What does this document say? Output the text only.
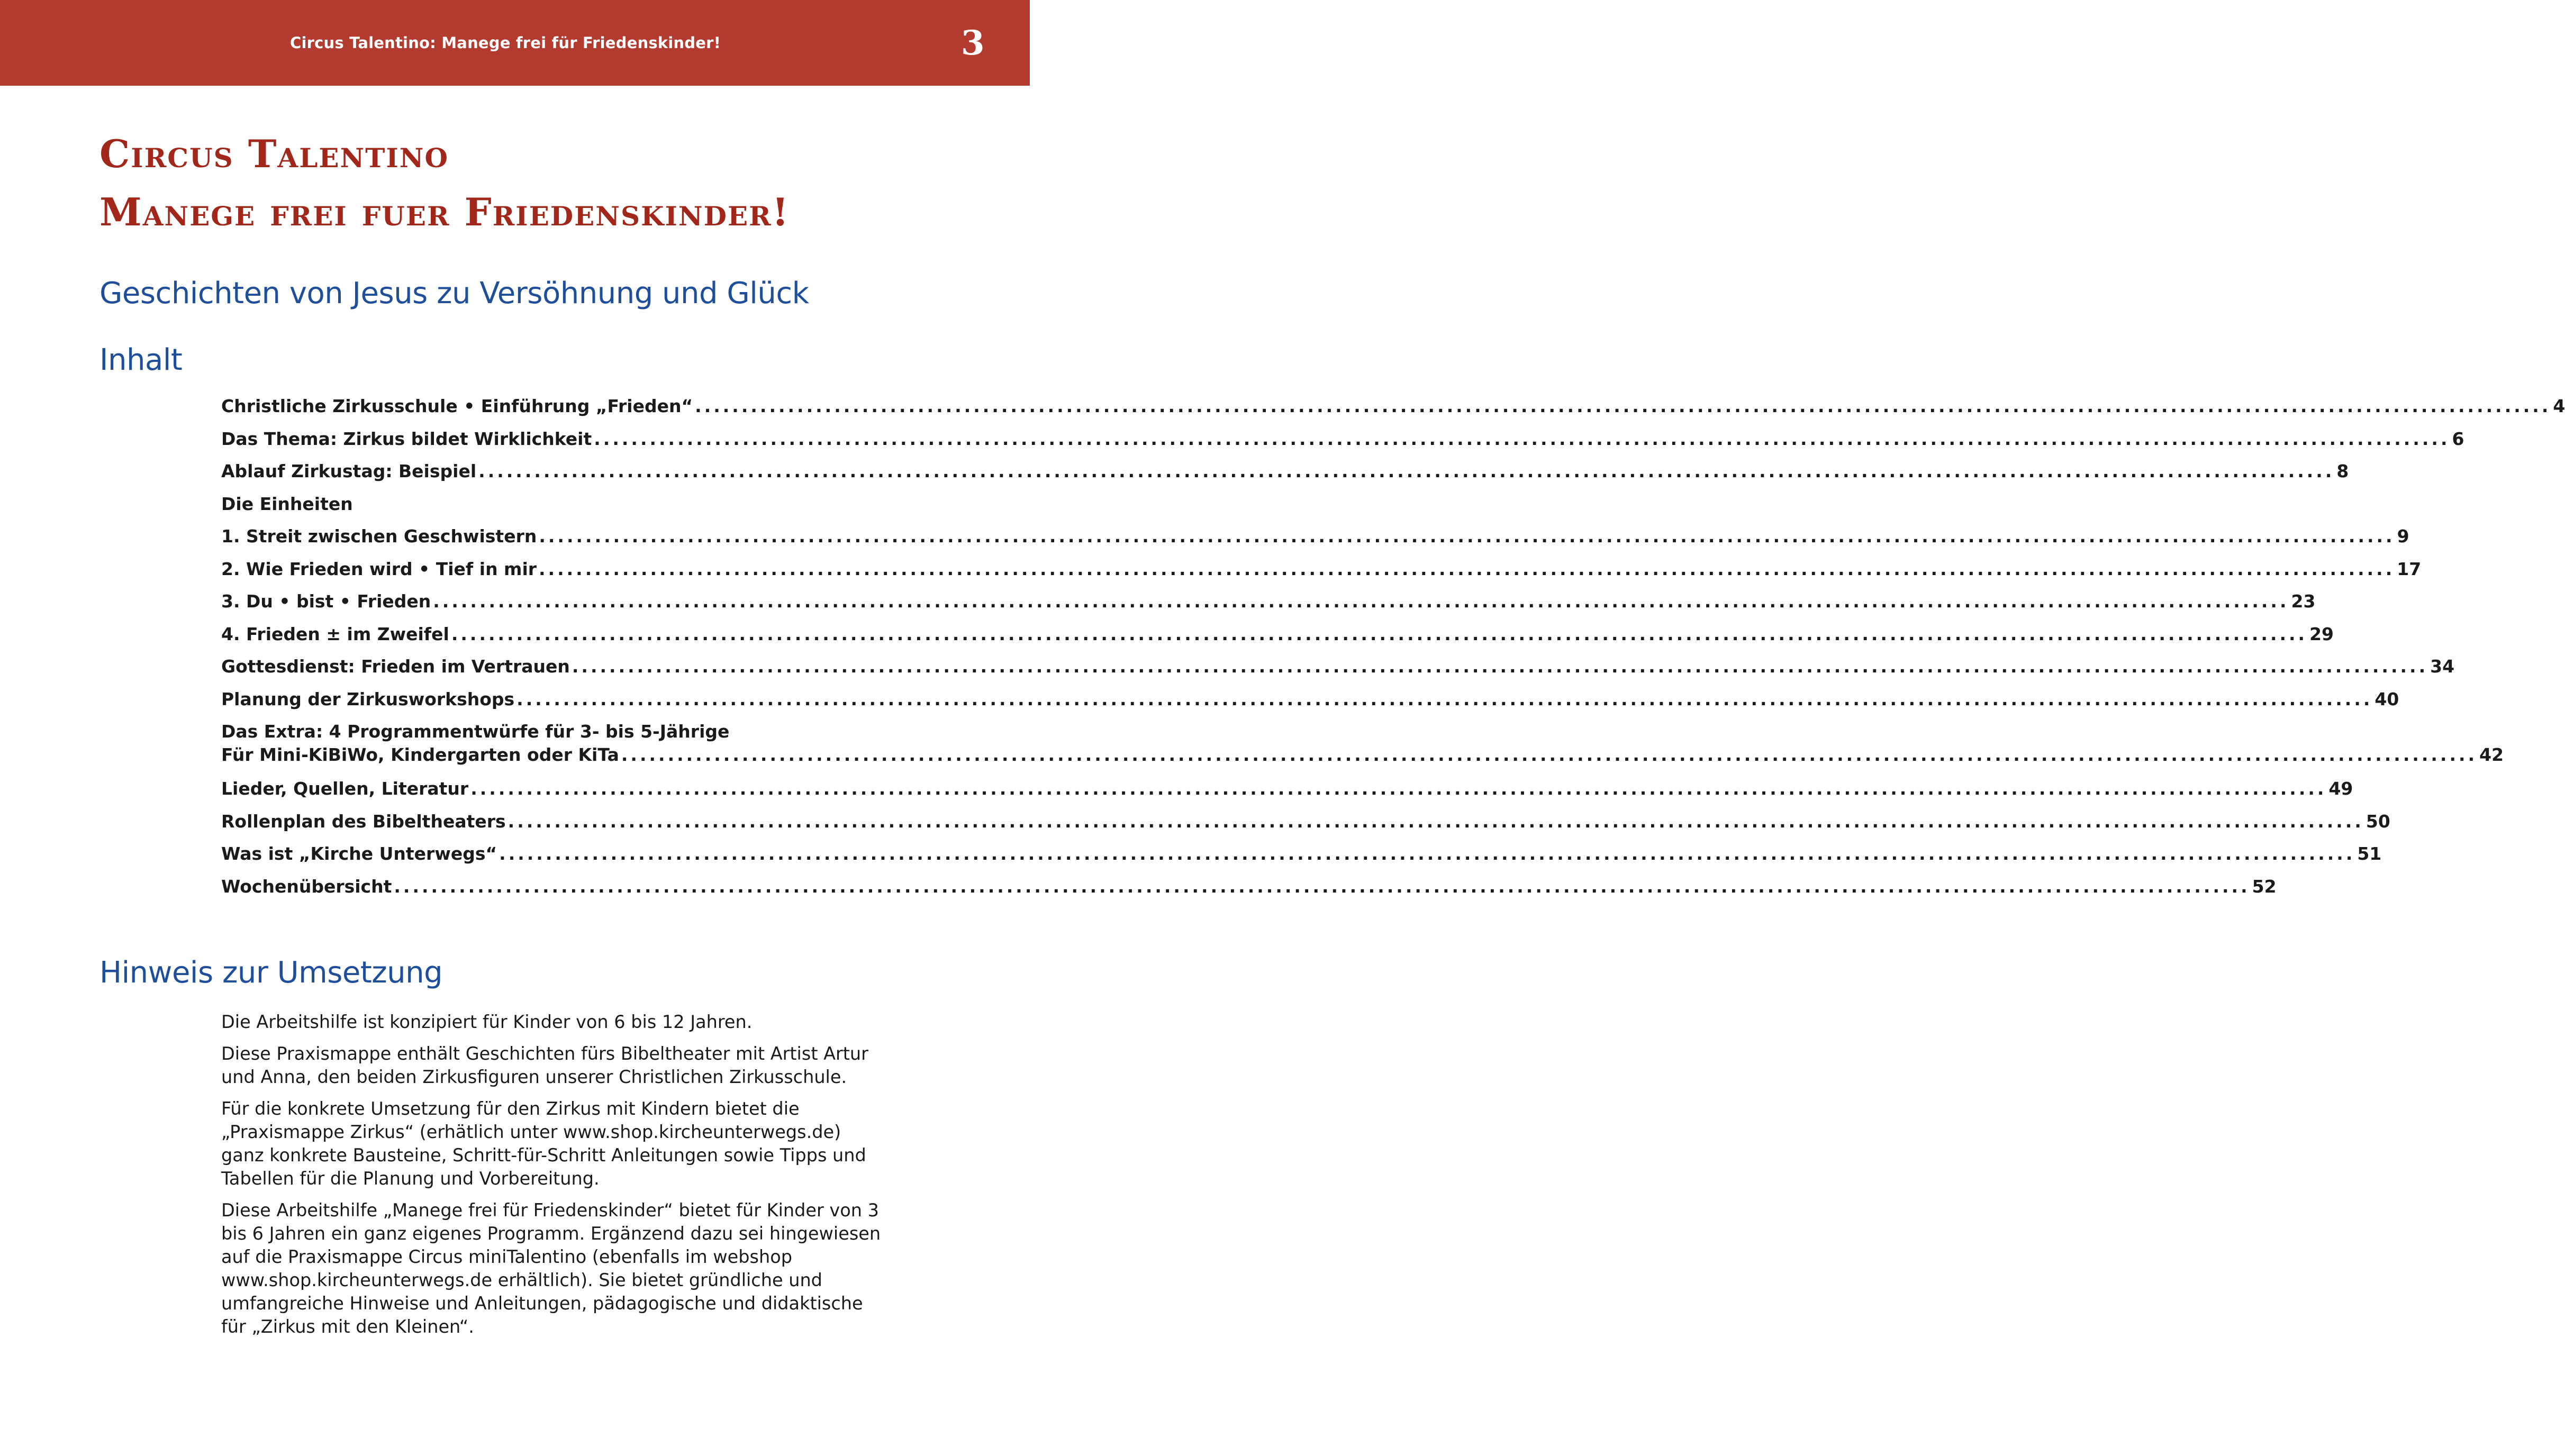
Circus Talentino: Manege frei für Friedenskinder!	3
Circus Talentino
Manege frei fuer Friedenskinder!
Geschichten von Jesus zu Versöhnung und Glück
Inhalt
Christliche Zirkusschule • Einführung „Frieden“ ........................................................................................................................................................................................................ 4
Das Thema: Zirkus bildet Wirklichkeit ........................................................................................................................................................................................................ 6
Ablauf Zirkustag: Beispiel ........................................................................................................................................................................................................ 8
Die Einheiten
1. Streit zwischen Geschwistern ........................................................................................................................................................................................................ 9
2. Wie Frieden wird • Tief in mir ........................................................................................................................................................................................................ 17
3. Du • bist • Frieden ........................................................................................................................................................................................................ 23
4. Frieden ± im Zweifel ........................................................................................................................................................................................................ 29
Gottesdienst: Frieden im Vertrauen ........................................................................................................................................................................................................ 34
Planung der Zirkusworkshops ........................................................................................................................................................................................................ 40
Das Extra: 4 Programmentwürfe für 3- bis 5-Jährige
Für Mini-KiBiWo, Kindergarten oder KiTa ........................................................................................................................................................................................................ 42
Lieder, Quellen, Literatur ........................................................................................................................................................................................................ 49
Rollenplan des Bibeltheaters ........................................................................................................................................................................................................ 50
Was ist „Kirche Unterwegs“ ........................................................................................................................................................................................................ 51
Wochenübersicht ........................................................................................................................................................................................................ 52
Hinweis zur Umsetzung

Die Arbeitshilfe ist konzipiert für Kinder von 6 bis 12 Jahren.

Diese Praxismappe enthält Geschichten fürs Bibeltheater mit Artist Artur und Anna, den beiden Zirkusfiguren unserer Christlichen Zirkusschule.

Für die konkrete Umsetzung für den Zirkus mit Kindern bietet die „Praxismappe Zirkus“ (erhätlich unter www.shop.kircheunterwegs.de) ganz konkrete Bausteine, Schritt-für-Schritt Anleitungen sowie Tipps und Tabellen für die Planung und Vorbereitung.

Diese Arbeitshilfe „Manege frei für Friedenskinder“ bietet für Kinder von 3 bis 6 Jahren ein ganz eigenes Programm. Ergänzend dazu sei hingewiesen auf die Praxismappe Circus miniTalentino (ebenfalls im webshop www.shop.kircheunterwegs.de erhältlich). Sie bietet gründliche und umfangreiche Hinweise und Anleitungen, pädagogische und didaktische für „Zirkus mit den Kleinen“.
